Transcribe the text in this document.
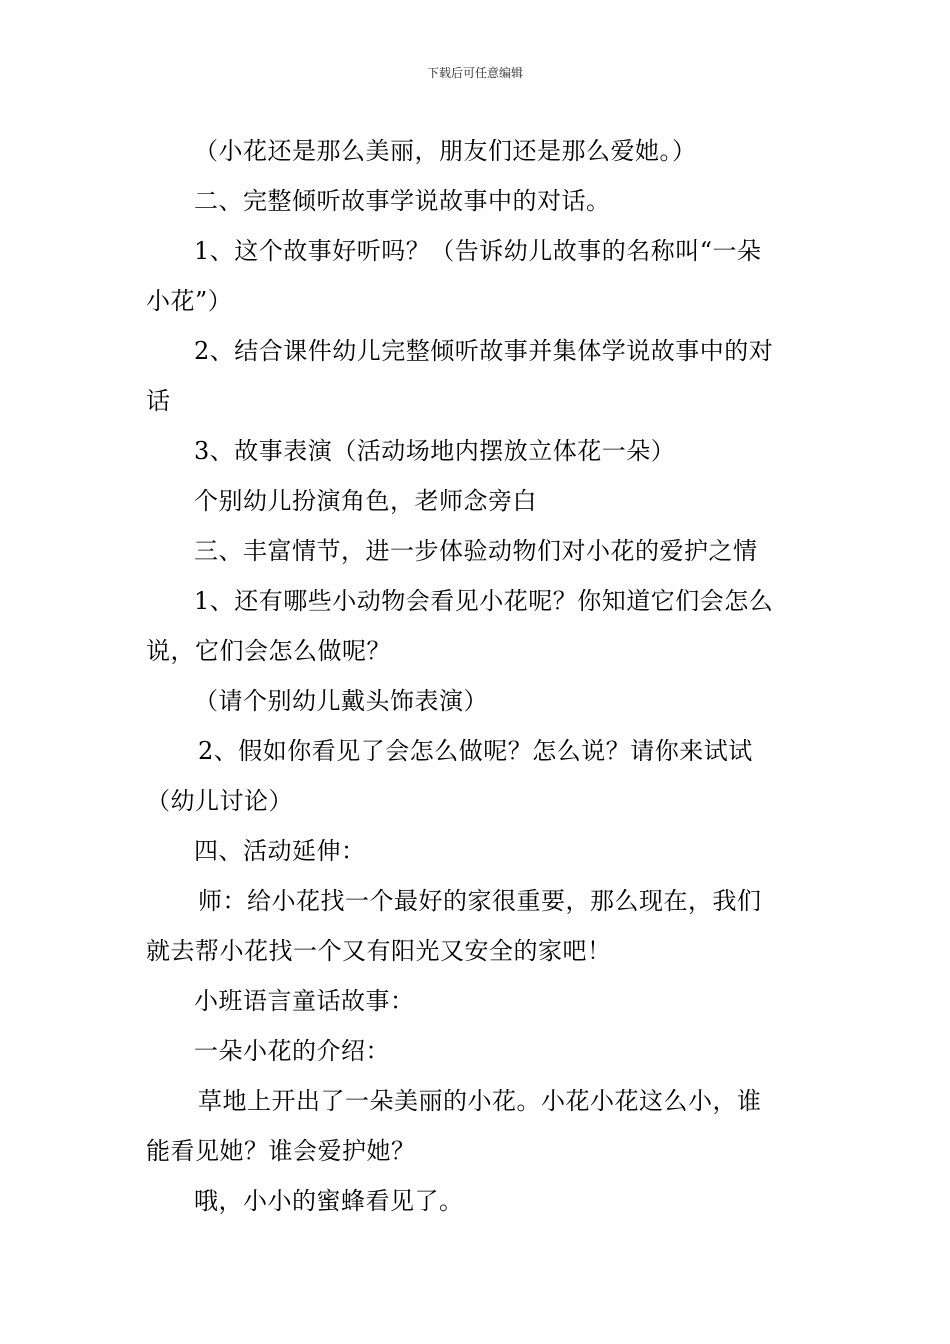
下载后可任意编辑
（小花还是那么美丽，朋友们还是那么爱她。）
二、完整倾听故事学说故事中的对话。
1、这个故事好听吗？（告诉幼儿故事的名称叫“一朵
小花”）
2、结合课件幼儿完整倾听故事并集体学说故事中的对
话
3、故事表演（活动场地内摆放立体花一朵）
个别幼儿扮演角色，老师念旁白
三、丰富情节，进一步体验动物们对小花的爱护之情
1、还有哪些小动物会看见小花呢？你知道它们会怎么
说，它们会怎么做呢？
（请个别幼儿戴头饰表演）
2、假如你看见了会怎么做呢？怎么说？请你来试试
（幼儿讨论）
四、活动延伸：
师：给小花找一个最好的家很重要，那么现在，我们
就去帮小花找一个又有阳光又安全的家吧！
小班语言童话故事：
一朵小花的介绍：
草地上开出了一朵美丽的小花。小花小花这么小，谁
能看见她？谁会爱护她？
哦，小小的蜜蜂看见了。
